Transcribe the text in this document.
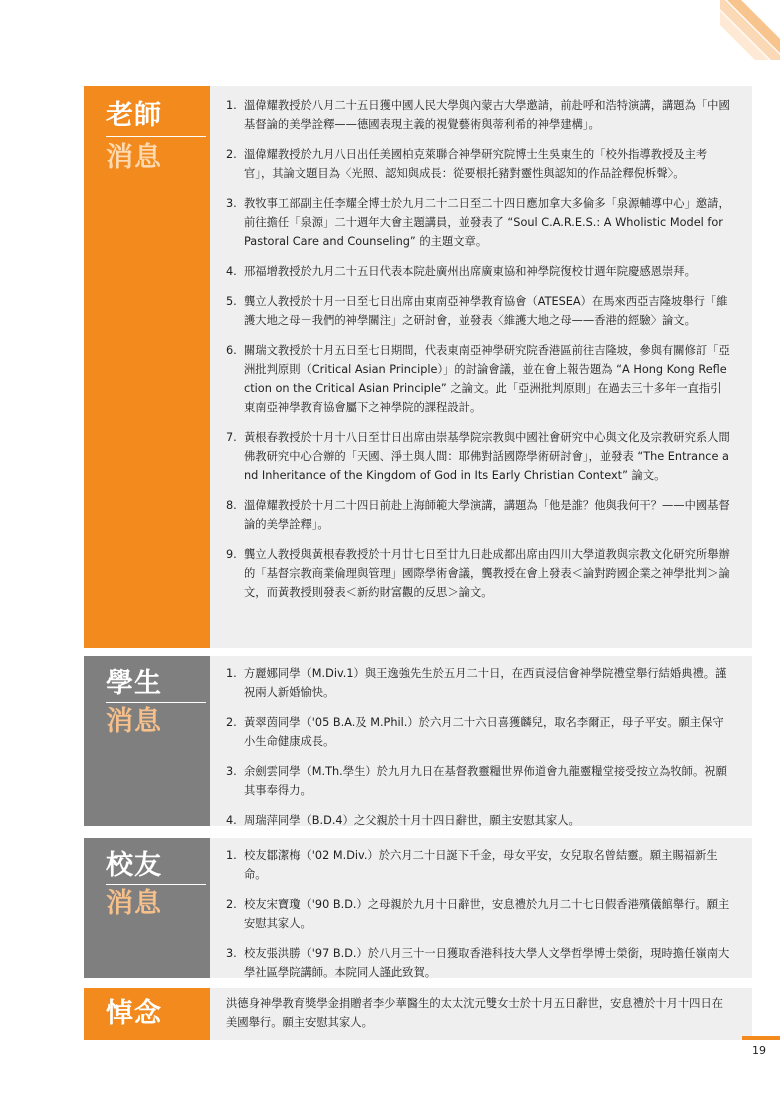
老師
消息
1. 溫偉耀教授於八月二十五日獲中國人民大學與內蒙古大學邀請，前赴呼和浩特演講，講題為「中國基督論的美學詮釋——德國表現主義的視覺藝術與蒂利希的神學建構」。
2. 溫偉耀教授於九月八日出任美國柏克萊聯合神學研究院博士生吳東生的「校外指導教授及主考官」，其論文題目為〈光照、認知與成長：從要根托豬對靈性與認知的作品詮釋倪柝聲〉。
3. 教牧事工部副主任李耀全博士於九月二十二日至二十四日應加拿大多倫多「泉源輔導中心」邀請，前往擔任「泉源」二十週年大會主題講員，並發表了 “Soul C.A.R.E.S.: A Wholistic Model for Pastoral Care and Counseling” 的主題文章。
4. 邢福增教授於九月二十五日代表本院赴廣州出席廣東協和神學院復校廿週年院慶感恩崇拜。
5. 龔立人教授於十月一日至七日出席由東南亞神學教育協會（ATESEA）在馬來西亞吉隆坡舉行「維護大地之母－我們的神學關注」之研討會，並發表〈維護大地之母——香港的經驗〉論文。
6. 關瑞文教授於十月五日至七日期間，代表東南亞神學研究院香港區前往吉隆坡，參與有關修訂「亞洲批判原則（Critical Asian Principle）」的討論會議，並在會上報告題為 “A Hong Kong Reflection on the Critical Asian Principle” 之論文。此「亞洲批判原則」在過去三十多年一直指引東南亞神學教育協會屬下之神學院的課程設計。
7. 黃根春教授於十月十八日至廿日出席由崇基學院宗教與中國社會研究中心與文化及宗教研究系人間佛教研究中心合辦的「天國、淨土與人間：耶佛對話國際學術研討會」，並發表 “The Entrance and Inheritance of the Kingdom of God in Its Early Christian Context” 論文。
8. 溫偉耀教授於十月二十四日前赴上海師範大學演講，講題為「他是誰？他與我何干？——中國基督論的美學詮釋」。
9. 龔立人教授與黃根春教授於十月廿七日至廿九日赴成都出席由四川大學道教與宗教文化研究所舉辦的「基督宗教商業倫理與管理」國際學術會議，龔教授在會上發表＜論對跨國企業之神學批判＞論文，而黃教授則發表＜新約財富觀的反思＞論文。
學生
消息
1. 方麗娜同學（M.Div.1）與王逸強先生於五月二十日，在西貢浸信會神學院禮堂舉行結婚典禮。謹祝兩人新婚愉快。
2. 黃翠茵同學（'05 B.A.及 M.Phil.）於六月二十六日喜獲麟兒，取名李爾正，母子平安。願主保守小生命健康成長。
3. 余劍雲同學（M.Th.學生）於九月九日在基督教靈糧世界佈道會九龍靈糧堂接受按立為牧師。祝願其事奉得力。
4. 周瑞萍同學（B.D.4）之父親於十月十四日辭世，願主安慰其家人。
校友
消息
1. 校友鄒潔梅（'02 M.Div.）於六月二十日誕下千金，母女平安，女兒取名曾結靈。願主賜福新生命。
2. 校友宋寶瓊（'90 B.D.）之母親於九月十日辭世，安息禮於九月二十七日假香港殯儀館舉行。願主安慰其家人。
3. 校友張洪勝（'97 B.D.）於八月三十一日獲取香港科技大學人文學哲學博士榮銜，現時擔任嶺南大學社區學院講師。本院同人謹此致賀。
悼念	洪德身神學教育獎學金捐贈者李少華醫生的太太沈元雙女士於十月五日辭世，安息禮於十月十四日在美國舉行。願主安慰其家人。
19
